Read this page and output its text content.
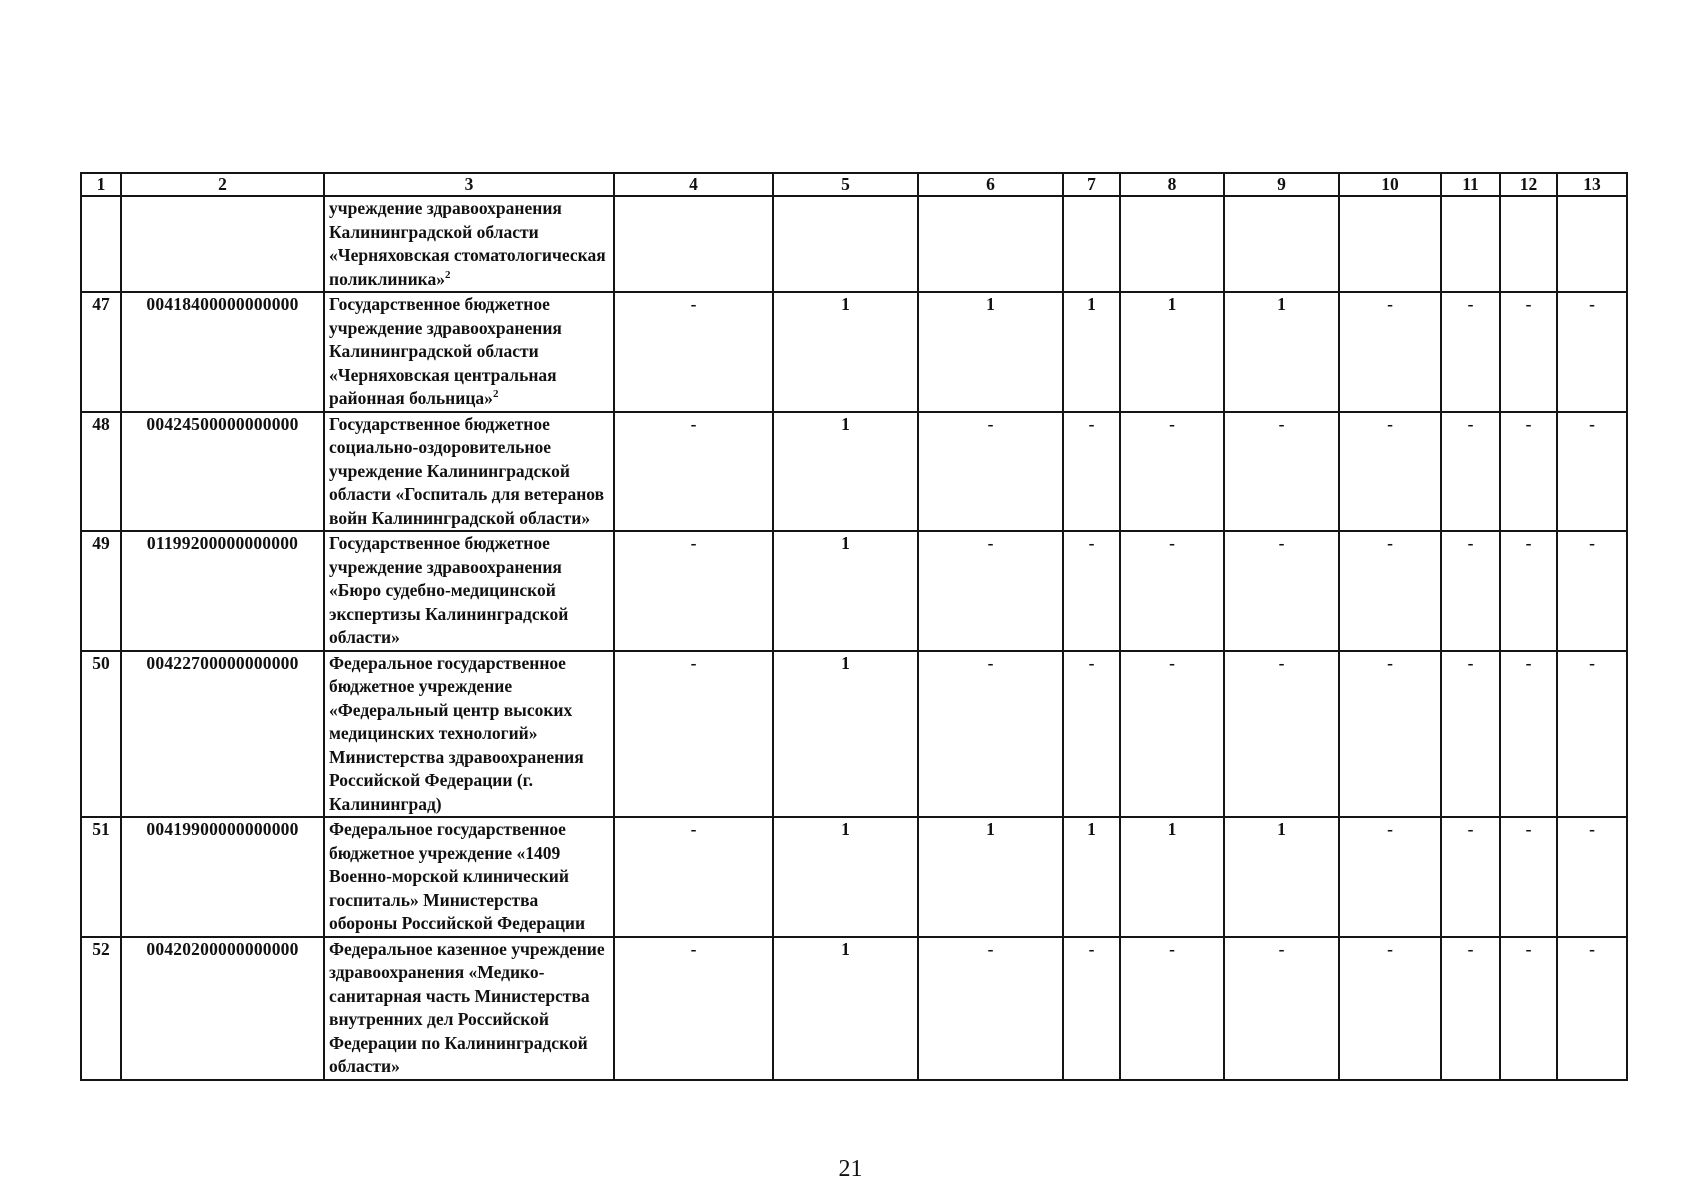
1	2	3	4	5	6	7	8	9	10	11	12	13
		учреждение здравоохранения Калининградской области «Черняховская стоматологическая поликлиника»$^2$										
47	00418400000000000	Государственное бюджетное учреждение здравоохранения Калининградской области «Черняховская центральная районная больница»$^2$	-	1	1	1	1	1	-	-	-	-
48	00424500000000000	Государственное бюджетное социально-оздоровительное учреждение Калининградской области «Госпиталь для ветеранов войн Калининградской области»	-	1	-	-	-	-	-	-	-	-
49	01199200000000000	Государственное бюджетное учреждение здравоохранения «Бюро судебно-медицинской экспертизы Калининградской области»	-	1	-	-	-	-	-	-	-	-
50	00422700000000000	Федеральное государственное бюджетное учреждение «Федеральный центр высоких медицинских технологий» Министерства здравоохранения Российской Федерации (г. Калининград)	-	1	-	-	-	-	-	-	-	-
51	00419900000000000	Федеральное государственное бюджетное учреждение «1409 Военно-морской клинический госпиталь» Министерства обороны Российской Федерации	-	1	1	1	1	1	-	-	-	-
52	00420200000000000	Федеральное казенное учреждение здравоохранения «Медико-санитарная часть Министерства внутренних дел Российской Федерации по Калининградской области»	-	1	-	-	-	-	-	-	-	-
21
